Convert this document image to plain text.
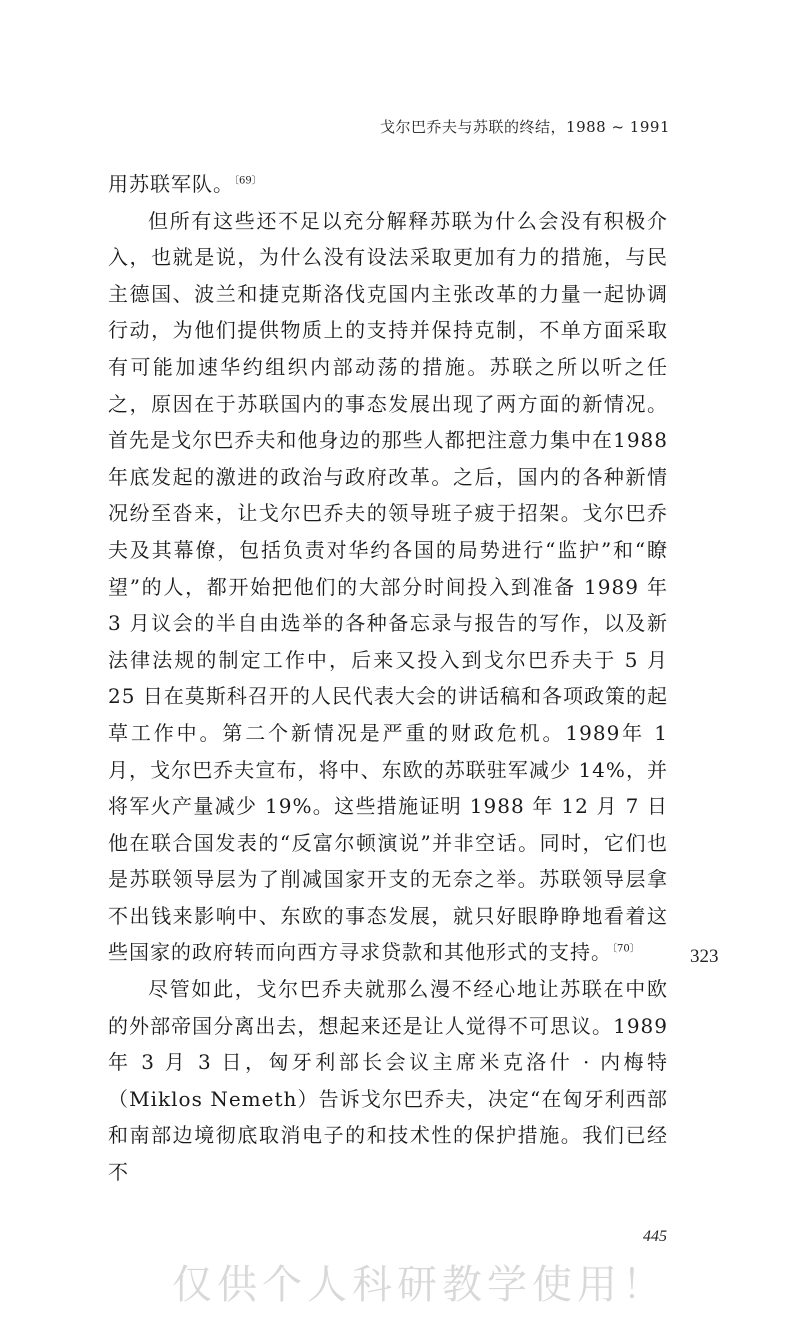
戈尔巴乔夫与苏联的终结，1988 ~ 1991

用苏联军队。$^{〔69〕}$

但所有这些还不足以充分解释苏联为什么会没有积极介入，也就是说，为什么没有设法采取更加有力的措施，与民主德国、波兰和捷克斯洛伐克国内主张改革的力量一起协调行动，为他们提供物质上的支持并保持克制，不单方面采取有可能加速华约组织内部动荡的措施。苏联之所以听之任之，原因在于苏联国内的事态发展出现了两方面的新情况。首先是戈尔巴乔夫和他身边的那些人都把注意力集中在1988 年底发起的激进的政治与政府改革。之后，国内的各种新情况纷至沓来，让戈尔巴乔夫的领导班子疲于招架。戈尔巴乔夫及其幕僚，包括负责对华约各国的局势进行“监护”和“瞭望”的人，都开始把他们的大部分时间投入到准备 1989 年 3 月议会的半自由选举的各种备忘录与报告的写作，以及新法律法规的制定工作中，后来又投入到戈尔巴乔夫于 5 月 25 日在莫斯科召开的人民代表大会的讲话稿和各项政策的起草工作中。第二个新情况是严重的财政危机。1989年 1 月，戈尔巴乔夫宣布，将中、东欧的苏联驻军减少 14%，并将军火产量减少 19%。这些措施证明 1988 年 12 月 7 日他在联合国发表的“反富尔顿演说”并非空话。同时，它们也是苏联领导层为了削减国家开支的无奈之举。苏联领导层拿不出钱来影响中、东欧的事态发展，就只好眼睁睁地看着这些国家的政府转而向西方寻求贷款和其他形式的支持。$^{〔70〕}$

尽管如此，戈尔巴乔夫就那么漫不经心地让苏联在中欧的外部帝国分离出去，想起来还是让人觉得不可思议。1989年 3 月 3 日，匈牙利部长会议主席米克洛什 · 内梅特（Miklos Nemeth）告诉戈尔巴乔夫，决定“在匈牙利西部和南部边境彻底取消电子的和技术性的保护措施。我们已经不

323
445
仅供个人科研教学使用！
